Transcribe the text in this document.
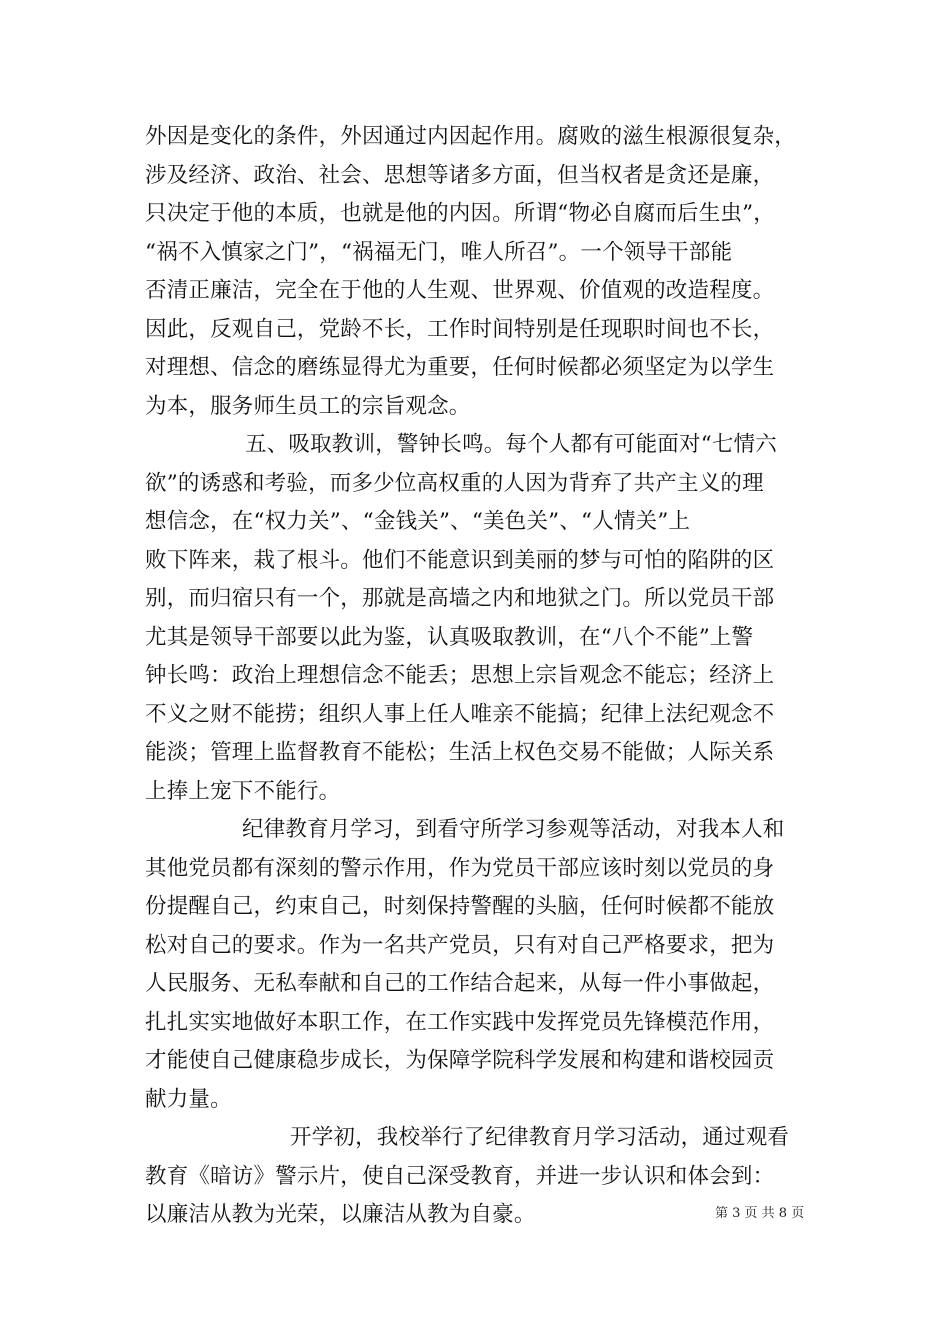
外因是变化的条件，外因通过内因起作用。腐败的滋生根源很复杂，
涉及经济、政治、社会、思想等诸多方面，但当权者是贪还是廉，
只决定于他的本质，也就是他的内因。所谓“物必自腐而后生虫”，
“祸不入慎家之门”，“祸福无门，唯人所召”。一个领导干部能
否清正廉洁，完全在于他的人生观、世界观、价值观的改造程度。
因此，反观自己，党龄不长，工作时间特别是任现职时间也不长，
对理想、信念的磨练显得尤为重要，任何时候都必须坚定为以学生
为本，服务师生员工的宗旨观念。
五、吸取教训，警钟长鸣。每个人都有可能面对“七情六
欲”的诱惑和考验，而多少位高权重的人因为背弃了共产主义的理
想信念，在“权力关”、“金钱关”、“美色关”、“人情关”上
败下阵来，栽了根斗。他们不能意识到美丽的梦与可怕的陷阱的区
别，而归宿只有一个，那就是高墙之内和地狱之门。所以党员干部
尤其是领导干部要以此为鉴，认真吸取教训，在“八个不能”上警
钟长鸣：政治上理想信念不能丢；思想上宗旨观念不能忘；经济上
不义之财不能捞；组织人事上任人唯亲不能搞；纪律上法纪观念不
能淡；管理上监督教育不能松；生活上权色交易不能做；人际关系
上捧上宠下不能行。
纪律教育月学习，到看守所学习参观等活动，对我本人和
其他党员都有深刻的警示作用，作为党员干部应该时刻以党员的身
份提醒自己，约束自己，时刻保持警醒的头脑，任何时候都不能放
松对自己的要求。作为一名共产党员，只有对自己严格要求，把为
人民服务、无私奉献和自己的工作结合起来，从每一件小事做起，
扎扎实实地做好本职工作，在工作实践中发挥党员先锋模范作用，
才能使自己健康稳步成长，为保障学院科学发展和构建和谐校园贡
献力量。
开学初，我校举行了纪律教育月学习活动，通过观看
教育《暗访》警示片，使自己深受教育，并进一步认识和体会到：
以廉洁从教为光荣，以廉洁从教为自豪。	第 3 页 共 8 页
